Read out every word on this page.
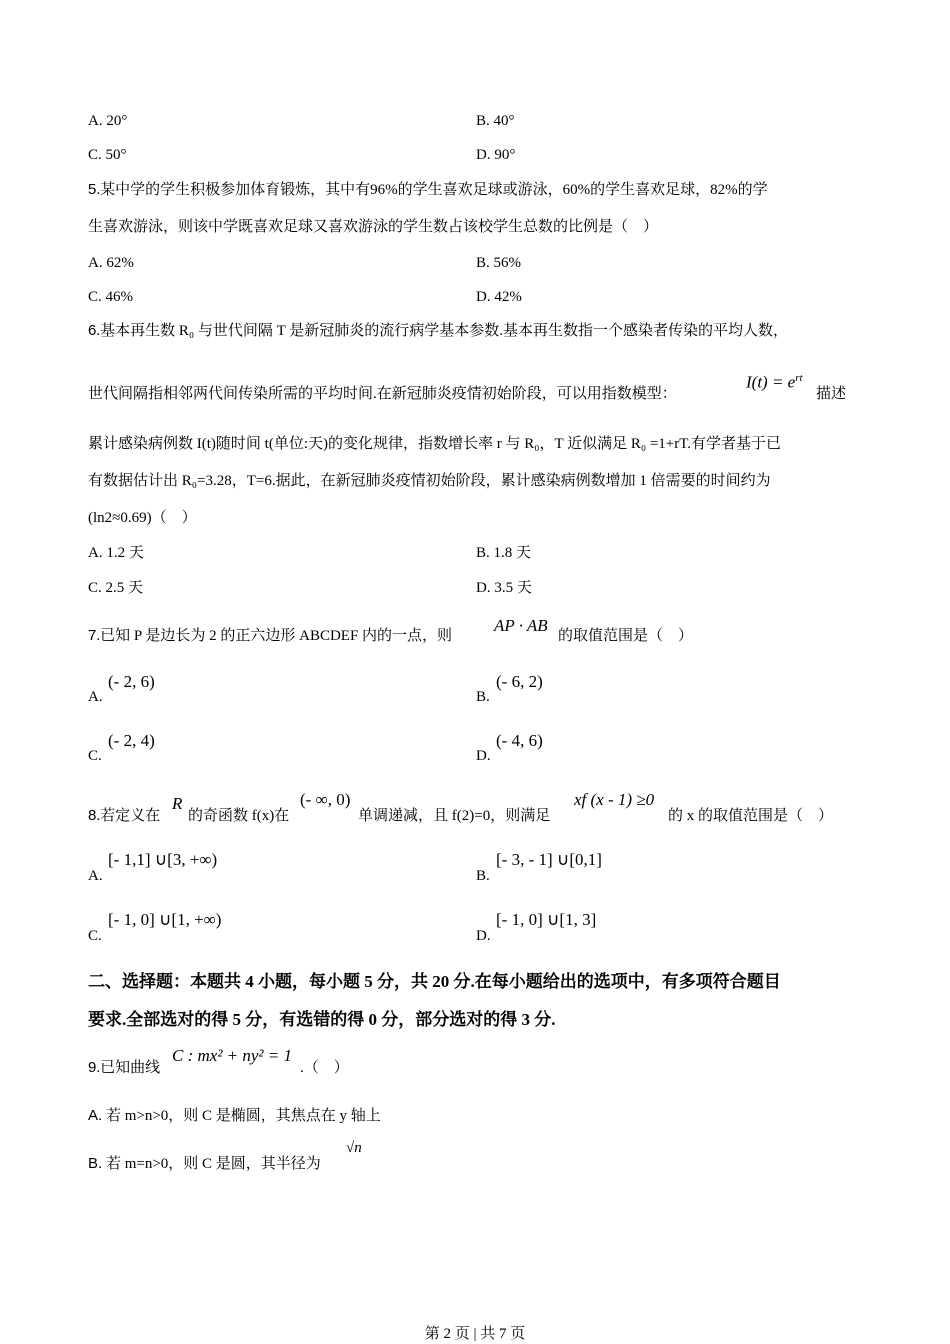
A. 20°	B. 40°
C. 50°	D. 90°
5.某中学的学生积极参加体育锻炼，其中有96%的学生喜欢足球或游泳，60%的学生喜欢足球，82%的学
生喜欢游泳，则该中学既喜欢足球又喜欢游泳的学生数占该校学生总数的比例是（　）
A. 62%	B. 56%
C. 46%	D. 42%
6.基本再生数 R₀ 与世代间隔 T 是新冠肺炎的流行病学基本参数.基本再生数指一个感染者传染的平均人数，
世代间隔指相邻两代间传染所需的平均时间.在新冠肺炎疫情初始阶段，可以用指数模型：
$I(t) = e^{rt}$
描述
累计感染病例数 I(t)随时间 t(单位:天)的变化规律，指数增长率 r 与 R₀，T 近似满足 R₀ =1+rT.有学者基于已
有数据估计出 R₀=3.28，T=6.据此，在新冠肺炎疫情初始阶段，累计感染病例数增加 1 倍需要的时间约为
(ln2≈0.69)（　）
A. 1.2 天	B. 1.8 天
C. 2.5 天	D. 3.5 天
7.已知 P 是边长为 2 的正六边形 ABCDEF 内的一点，则
AP · AB
的取值范围是（　）
A.
(- 2, 6)
B.
(- 6, 2)
C.
(- 2, 4)
D.
(- 4, 6)
8.若定义在
R
的奇函数 f(x)在
(- ∞, 0)
单调递减，且 f(2)=0，则满足
xf (x - 1) ≥0
的 x 的取值范围是（　）
A.
[- 1,1] ∪[3, +∞)
B.
[- 3, - 1] ∪[0,1]
C.
[- 1, 0] ∪[1, +∞)
D.
[- 1, 0] ∪[1, 3]
二、选择题：本题共 4 小题，每小题 5 分，共 20 分.在每小题给出的选项中，有多项符合题目
要求.全部选对的得 5 分，有选错的得 0 分，部分选对的得 3 分.
9.已知曲线
C : mx² + ny² = 1
.（　）
A. 若 m>n>0，则 C 是椭圆，其焦点在 y 轴上
B. 若 m=n>0，则 C 是圆，其半径为
√n
第 2 页 | 共 7 页
